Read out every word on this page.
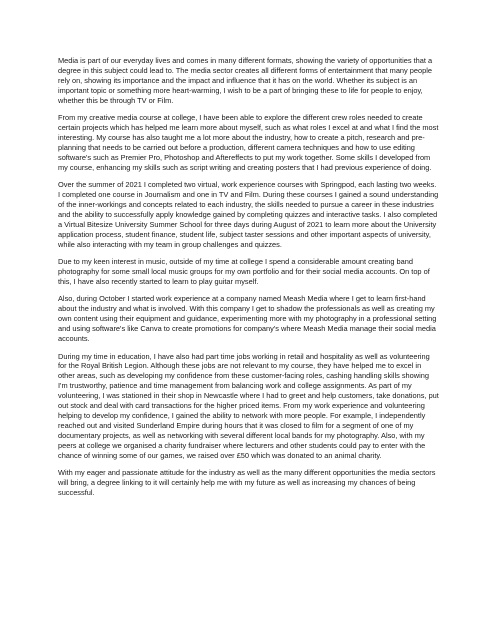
Media is part of our everyday lives and comes in many different formats, showing the variety of opportunities that a degree in this subject could lead to. The media sector creates all different forms of entertainment that many people rely on, showing its importance and the impact and influence that it has on the world. Whether its subject is an important topic or something more heart-warming, I wish to be a part of bringing these to life for people to enjoy, whether this be through TV or Film.

From my creative media course at college, I have been able to explore the different crew roles needed to create certain projects which has helped me learn more about myself, such as what roles I excel at and what I find the most interesting. My course has also taught me a lot more about the industry, how to create a pitch, research and pre-planning that needs to be carried out before a production, different camera techniques and how to use editing software's such as Premier Pro, Photoshop and Aftereffects to put my work together. Some skills I developed from my course, enhancing my skills such as script writing and creating posters that I had previous experience of doing.

Over the summer of 2021 I completed two virtual, work experience courses with Springpod, each lasting two weeks. I completed one course in Journalism and one in TV and Film. During these courses I gained a sound understanding of the inner-workings and concepts related to each industry, the skills needed to pursue a career in these industries and the ability to successfully apply knowledge gained by completing quizzes and interactive tasks. I also completed a Virtual Bitesize University Summer School for three days during August of 2021 to learn more about the University application process, student finance, student life, subject taster sessions and other important aspects of university, while also interacting with my team in group challenges and quizzes.

Due to my keen interest in music, outside of my time at college I spend a considerable amount creating band photography for some small local music groups for my own portfolio and for their social media accounts. On top of this, I have also recently started to learn to play guitar myself.

Also, during October I started work experience at a company named Meash Media where I get to learn first-hand about the industry and what is involved. With this company I get to shadow the professionals as well as creating my own content using their equipment and guidance, experimenting more with my photography in a professional setting and using software's like Canva to create promotions for company's where Meash Media manage their social media accounts.

During my time in education, I have also had part time jobs working in retail and hospitality as well as volunteering for the Royal British Legion. Although these jobs are not relevant to my course, they have helped me to excel in other areas, such as developing my confidence from these customer-facing roles, cashing handling skills showing I'm trustworthy, patience and time management from balancing work and college assignments. As part of my volunteering, I was stationed in their shop in Newcastle where I had to greet and help customers, take donations, put out stock and deal with card transactions for the higher priced items. From my work experience and volunteering helping to develop my confidence, I gained the ability to network with more people. For example, I independently reached out and visited Sunderland Empire during hours that it was closed to film for a segment of one of my documentary projects, as well as networking with several different local bands for my photography. Also, with my peers at college we organised a charity fundraiser where lecturers and other students could pay to enter with the chance of winning some of our games, we raised over £50 which was donated to an animal charity.

With my eager and passionate attitude for the industry as well as the many different opportunities the media sectors will bring, a degree linking to it will certainly help me with my future as well as increasing my chances of being successful.
